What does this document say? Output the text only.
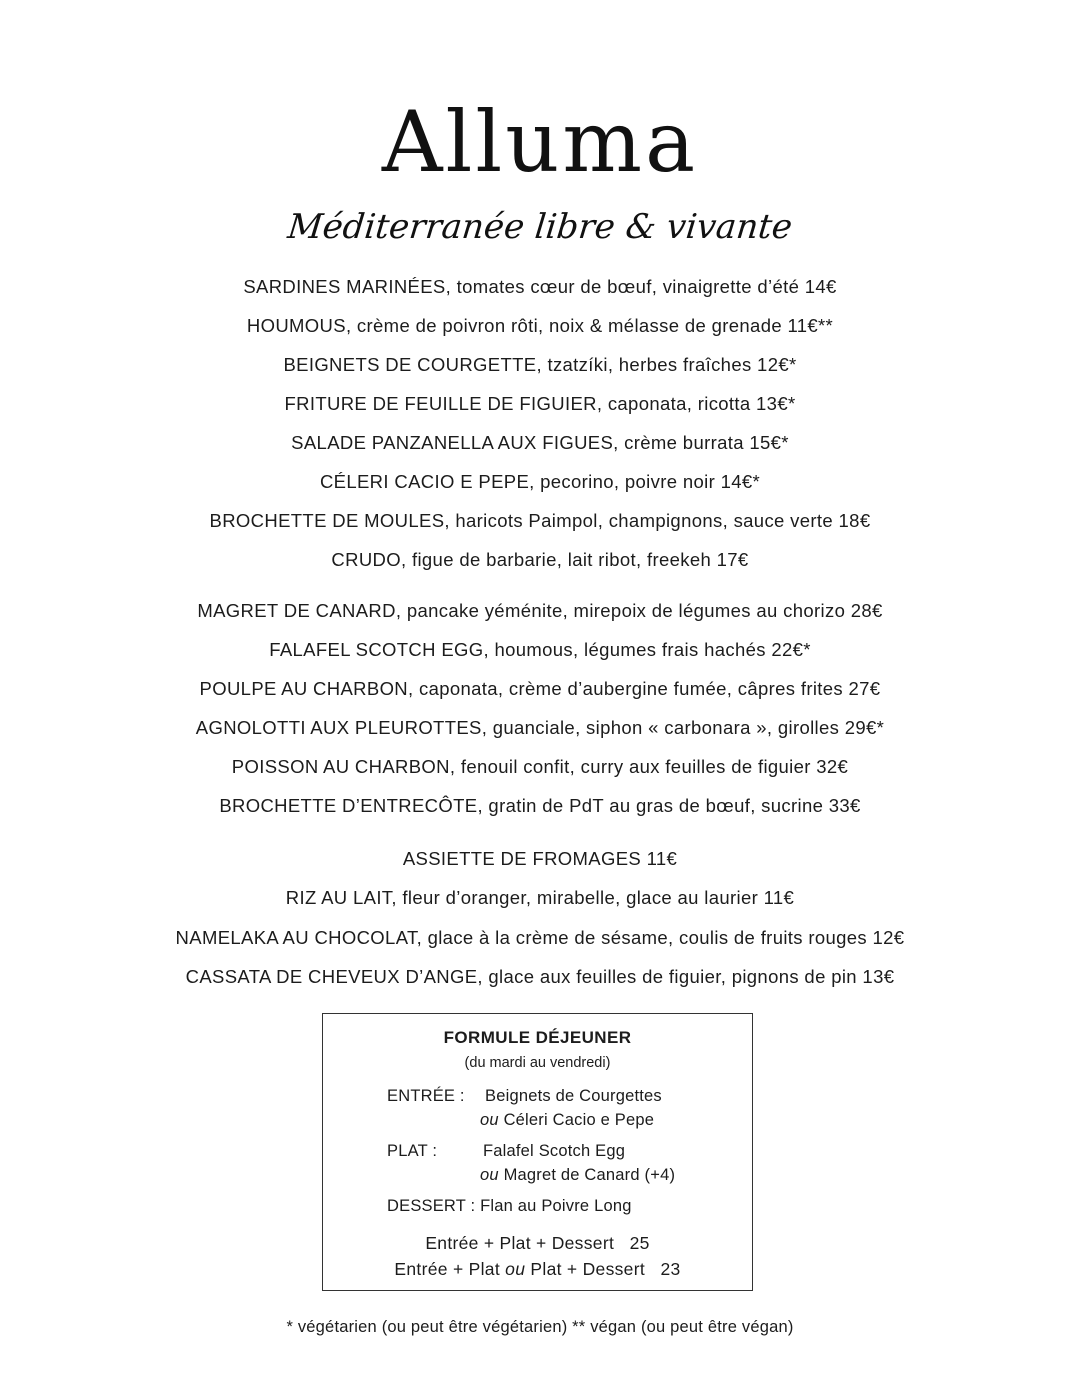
Alluma
Méditerranée libre & vivante
SARDINES MARINÉES, tomates cœur de bœuf, vinaigrette d’été 14€
HOUMOUS, crème de poivron rôti, noix & mélasse de grenade 11€**
BEIGNETS DE COURGETTE, tzatzíki, herbes fraîches 12€*
FRITURE DE FEUILLE DE FIGUIER, caponata, ricotta 13€*
SALADE PANZANELLA AUX FIGUES, crème burrata 15€*
CÉLERI CACIO E PEPE, pecorino, poivre noir 14€*
BROCHETTE DE MOULES, haricots Paimpol, champignons, sauce verte 18€
CRUDO, figue de barbarie, lait ribot, freekeh 17€
MAGRET DE CANARD, pancake yéménite, mirepoix de légumes au chorizo 28€
FALAFEL SCOTCH EGG, houmous, légumes frais hachés 22€*
POULPE AU CHARBON, caponata, crème d’aubergine fumée, câpres frites 27€
AGNOLOTTI AUX PLEUROTTES, guanciale, siphon « carbonara », girolles 29€*
POISSON AU CHARBON, fenouil confit, curry aux feuilles de figuier 32€
BROCHETTE D’ENTRECÔTE, gratin de PdT au gras de bœuf, sucrine 33€
ASSIETTE DE FROMAGES 11€
RIZ AU LAIT, fleur d’oranger, mirabelle, glace au laurier 11€
NAMELAKA AU CHOCOLAT, glace à la crème de sésame, coulis de fruits rouges 12€
CASSATA DE CHEVEUX D’ANGE, glace aux feuilles de figuier, pignons de pin 13€
FORMULE DÉJEUNER
(du mardi au vendredi)
ENTRÉE : Beignets de Courgettes
ou Céleri Cacio e Pepe
PLAT :	Falafel Scotch Egg
ou Magret de Canard (+4)
DESSERT : Flan au Poivre Long
Entrée + Plat + Dessert 25
Entrée + Plat ou Plat + Dessert 23
* végétarien (ou peut être végétarien) ** végan (ou peut être végan)
